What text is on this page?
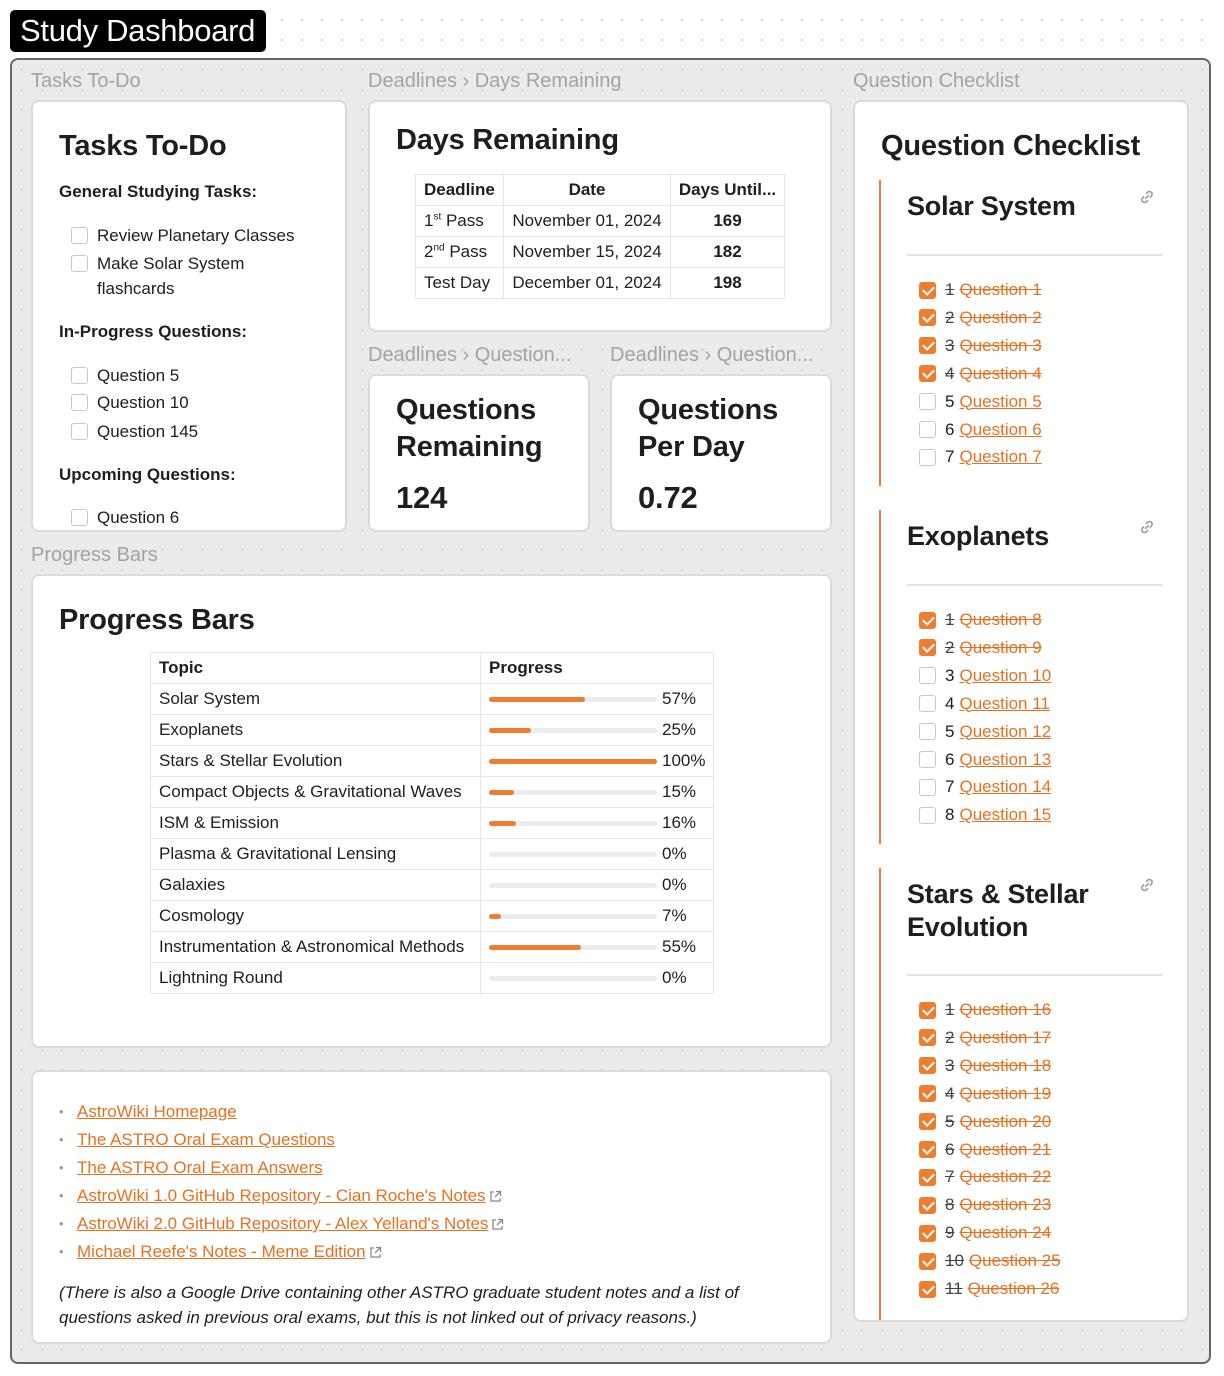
Study Dashboard
Tasks To-Do	Deadlines › Days Remaining	Question Checklist
Deadlines › Question... Deadlines › Question...
Progress Bars
Tasks To-Do
General Studying Tasks:
Review Planetary Classes
Make Solar System flashcards
In-Progress Questions:
Question 5
Question 10
Question 145
Upcoming Questions:
Question 6
Days Remaining
Deadline	Date	Days Until...
1st Pass	November 01, 2024	169
2nd Pass	November 15, 2024	182
Test Day	December 01, 2024	198
Questions
Remaining
124
Questions
Per Day
0.72
Progress Bars
Topic	Progress
Solar System	57%
Exoplanets	25%
Stars & Stellar Evolution	100%
Compact Objects & Gravitational Waves	15%
ISM & Emission	16%
Plasma & Gravitational Lensing	0%
Galaxies	0%
Cosmology	7%
Instrumentation & Astronomical Methods	55%
Lightning Round	0%
• AstroWiki Homepage
• The ASTRO Oral Exam Questions
• The ASTRO Oral Exam Answers
• AstroWiki 1.0 GitHub Repository - Cian Roche's Notes
• AstroWiki 2.0 GitHub Repository - Alex Yelland's Notes
• Michael Reefe's Notes - Meme Edition
(There is also a Google Drive containing other ASTRO graduate student notes and a list of questions asked in previous oral exams, but this is not linked out of privacy reasons.)
Question Checklist
Solar System
1 Question 1
2 Question 2
3 Question 3
4 Question 4
5 Question 5
6 Question 6
7 Question 7
Exoplanets
1 Question 8
2 Question 9
3 Question 10
4 Question 11
5 Question 12
6 Question 13
7 Question 14
8 Question 15
Stars & Stellar
Evolution
1 Question 16
2 Question 17
3 Question 18
4 Question 19
5 Question 20
6 Question 21
7 Question 22
8 Question 23
9 Question 24
10 Question 25
11 Question 26
